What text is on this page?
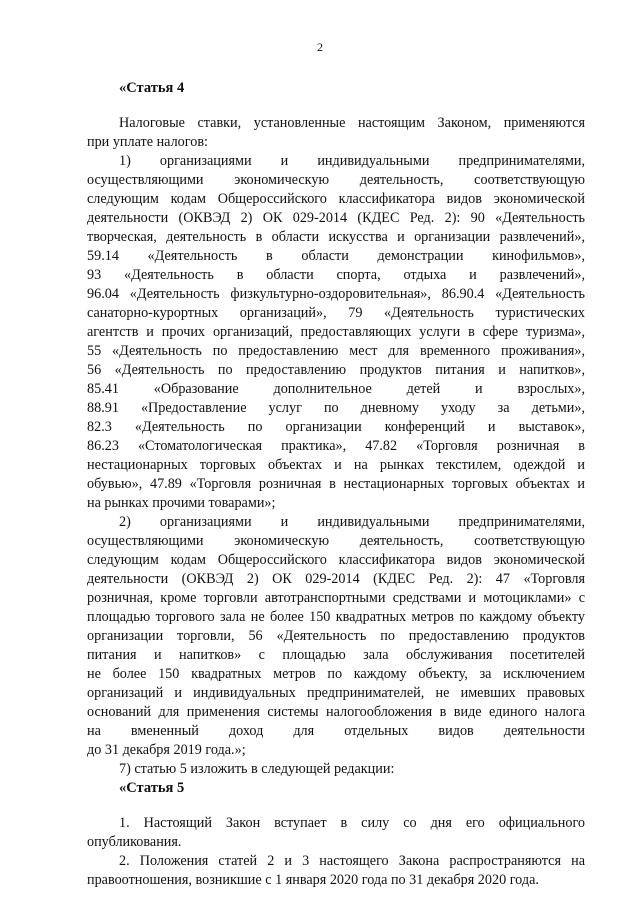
2
«Статья 4
Налоговые ставки, установленные настоящим Законом, применяются
при уплате налогов:
1) организациями и индивидуальными предпринимателями,
осуществляющими экономическую деятельность, соответствующую
следующим кодам Общероссийского классификатора видов экономической
деятельности (ОКВЭД 2) ОК 029-2014 (КДЕС Ред. 2): 90 «Деятельность
творческая, деятельность в области искусства и организации развлечений»,
59.14 «Деятельность в области демонстрации кинофильмов»,
93 «Деятельность в области спорта, отдыха и развлечений»,
96.04 «Деятельность физкультурно-оздоровительная», 86.90.4 «Деятельность
санаторно-курортных организаций», 79 «Деятельность туристических
агентств и прочих организаций, предоставляющих услуги в сфере туризма»,
55 «Деятельность по предоставлению мест для временного проживания»,
56 «Деятельность по предоставлению продуктов питания и напитков»,
85.41 «Образование дополнительное детей и взрослых»,
88.91 «Предоставление услуг по дневному уходу за детьми»,
82.3 «Деятельность по организации конференций и выставок»,
86.23 «Стоматологическая практика», 47.82 «Торговля розничная в
нестационарных торговых объектах и на рынках текстилем, одеждой и
обувью», 47.89 «Торговля розничная в нестационарных торговых объектах и
на рынках прочими товарами»;
2) организациями и индивидуальными предпринимателями,
осуществляющими экономическую деятельность, соответствующую
следующим кодам Общероссийского классификатора видов экономической
деятельности (ОКВЭД 2) ОК 029-2014 (КДЕС Ред. 2): 47 «Торговля
розничная, кроме торговли автотранспортными средствами и мотоциклами» с
площадью торгового зала не более 150 квадратных метров по каждому объекту
организации торговли, 56 «Деятельность по предоставлению продуктов
питания и напитков» с площадью зала обслуживания посетителей
не более 150 квадратных метров по каждому объекту, за исключением
организаций и индивидуальных предпринимателей, не имевших правовых
оснований для применения системы налогообложения в виде единого налога
на вмененный доход для отдельных видов деятельности
до 31 декабря 2019 года.»;
7) статью 5 изложить в следующей редакции:
«Статья 5
1. Настоящий Закон вступает в силу со дня его официального
опубликования.
2. Положения статей 2 и 3 настоящего Закона распространяются на
правоотношения, возникшие с 1 января 2020 года по 31 декабря 2020 года.
